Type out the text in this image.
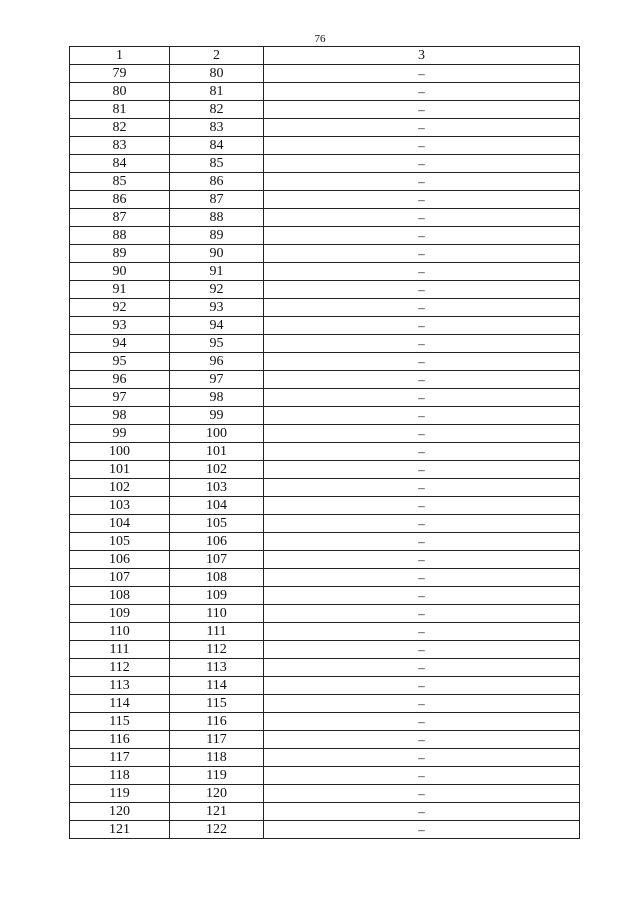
76
1	2	3
79	80	–
80	81	–
81	82	–
82	83	–
83	84	–
84	85	–
85	86	–
86	87	–
87	88	–
88	89	–
89	90	–
90	91	–
91	92	–
92	93	–
93	94	–
94	95	–
95	96	–
96	97	–
97	98	–
98	99	–
99	100	–
100	101	–
101	102	–
102	103	–
103	104	–
104	105	–
105	106	–
106	107	–
107	108	–
108	109	–
109	110	–
110	111	–
111	112	–
112	113	–
113	114	–
114	115	–
115	116	–
116	117	–
117	118	–
118	119	–
119	120	–
120	121	–
121	122	–
